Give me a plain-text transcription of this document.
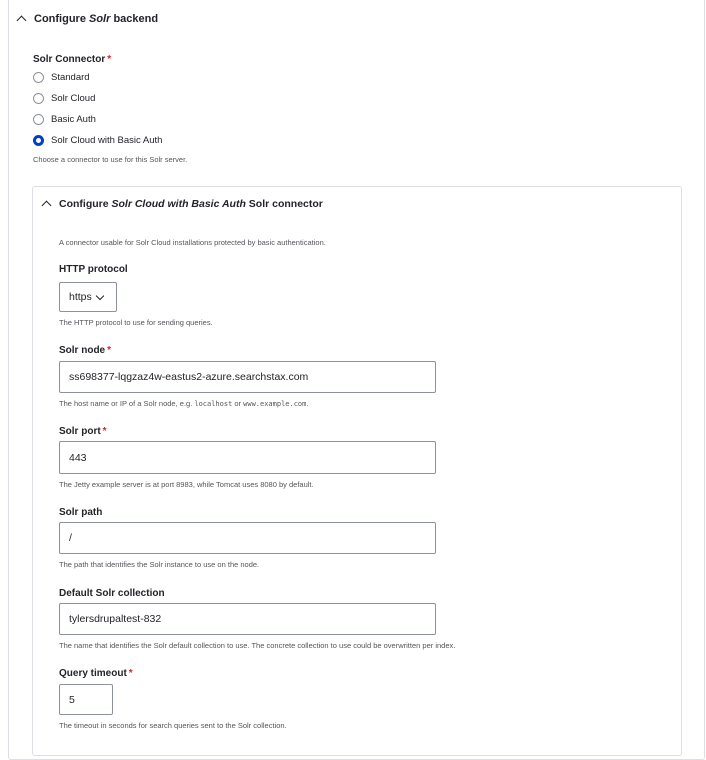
Configure Solr backend
Solr Connector *
Standard
Solr Cloud
Basic Auth
Solr Cloud with Basic Auth
Choose a connector to use for this Solr server.
Configure Solr Cloud with Basic Auth Solr connector
A connector usable for Solr Cloud installations protected by basic authentication.
HTTP protocol
https
The HTTP protocol to use for sending queries.
Solr node *
ss698377-lqgzaz4w-eastus2-azure.searchstax.com
The host name or IP of a Solr node, e.g. localhost or www.example.com.
Solr port *
443
The Jetty example server is at port 8983, while Tomcat uses 8080 by default.
Solr path
/
The path that identifies the Solr instance to use on the node.
Default Solr collection
tylersdrupaltest-832
The name that identifies the Solr default collection to use. The concrete collection to use could be overwritten per index.
Query timeout *
5
The timeout in seconds for search queries sent to the Solr collection.
